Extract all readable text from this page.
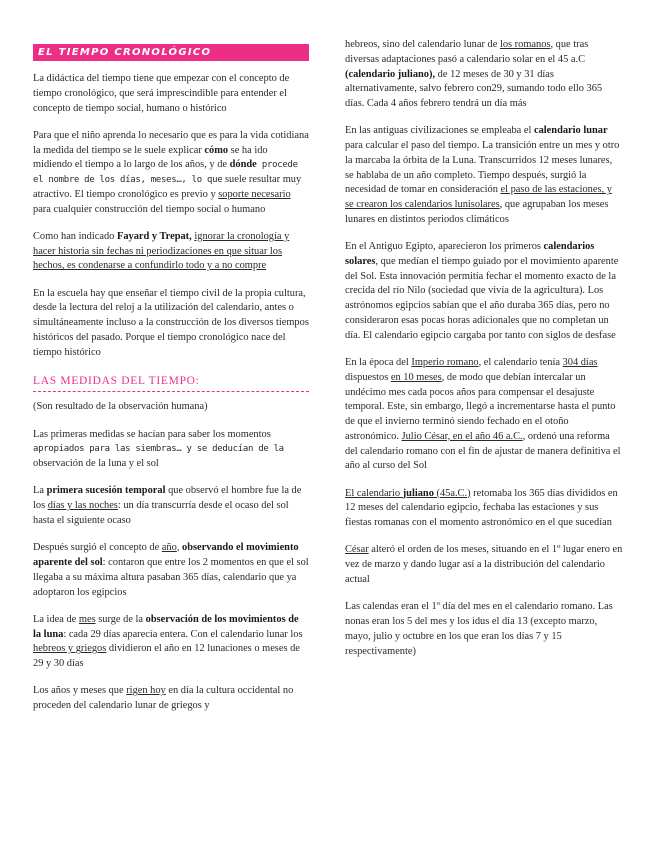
EL TIEMPO CRONOLÓGICO

La didáctica del tiempo tiene que empezar con el concepto de tiempo cronológico, que será imprescindible para entender el concepto de tiempo social, humano o histórico

Para que el niño aprenda lo necesario que es para la vida cotidiana la medida del tiempo se le suele explicar cómo se ha ido midiendo el tiempo a lo largo de los años, y de dónde procede el nombre de los días, meses…, lo que suele resultar muy atractivo. El tiempo cronológico es previo y soporte necesario para cualquier construcción del tiempo social o humano

Como han indicado Fayard y Trepat, ignorar la cronología y hacer historia sin fechas ni periodizaciones en que situar los hechos, es condenarse a confundirlo todo y a no compre

En la escuela hay que enseñar el tiempo civil de la propia cultura, desde la lectura del reloj a la utilización del calendario, antes o simultáneamente incluso a la construcción de los diversos tiempos históricos del pasado. Porque el tiempo cronológico nace del tiempo histórico

LAS MEDIDAS DEL TIEMPO:

(Son resultado de la observación humana)

Las primeras medidas se hacían para saber los momentos apropiados para las siembras… y se deducían de la observación de la luna y el sol

La primera sucesión temporal que observó el hombre fue la de los días y las noches: un día transcurría desde el ocaso del sol hasta el siguiente ocaso

Después surgió el concepto de año, observando el movimiento aparente del sol: contaron que entre los 2 momentos en que el sol llegaba a su máxima altura pasaban 365 días, calendario que ya adoptaron los egipcios

La idea de mes surge de la observación de los movimientos de la luna: cada 29 días aparecía entera. Con el calendario lunar los hebreos y griegos dividieron el año en 12 lunaciones o meses de 29 y 30 días

Los años y meses que rigen hoy en día la cultura occidental no proceden del calendario lunar de griegos y

hebreos, sino del calendario lunar de los romanos, que tras diversas adaptaciones pasó a calendario solar en el 45 a.C (calendario juliano), de 12 meses de 30 y 31 días alternativamente, salvo febrero con29, sumando todo ello 365 días. Cada 4 años febrero tendrá un día más

En las antiguas civilizaciones se empleaba el calendario lunar para calcular el paso del tiempo. La transición entre un mes y otro la marcaba la órbita de la Luna. Transcurridos 12 meses lunares, se hablaba de un año completo. Tiempo después, surgió la necesidad de tomar en consideración el paso de las estaciones, y se crearon los calendarios lunisolares, que agrupaban los meses lunares en distintos periodos climáticos

En el Antiguo Egipto, aparecieron los primeros calendarios solares, que medían el tiempo guiado por el movimiento aparente del Sol. Esta innovación permitía fechar el momento exacto de la crecida del río Nilo (sociedad que vivía de la agricultura). Los astrónomos egipcios sabían que el año duraba 365 días, pero no consideraron esas pocas horas adicionales que no completan un día. El calendario egipcio cargaba por tanto con siglos de desfase

En la época del Imperio romano, el calendario tenía 304 días dispuestos en 10 meses, de modo que debían intercalar un undécimo mes cada pocos años para compensar el desajuste temporal. Este, sin embargo, llegó a incrementarse hasta el punto de que el invierno terminó siendo fechado en el otoño astronómico. Julio César, en el año 46 a.C., ordenó una reforma del calendario romano con el fin de ajustar de manera definitiva el año al curso del Sol

El calendario juliano (45a.C.) retomaba los 365 días divididos en 12 meses del calendario egipcio, fechaba las estaciones y sus fiestas romanas con el momento astronómico en el que sucedían

César alteró el orden de los meses, situando en el 1º lugar enero en vez de marzo y dando lugar así a la distribución del calendario actual

Las calendas eran el 1º día del mes en el calendario romano. Las nonas eran los 5 del mes y los idus el día 13 (excepto marzo, mayo, julio y octubre en los que eran los días 7 y 15 respectivamente)
